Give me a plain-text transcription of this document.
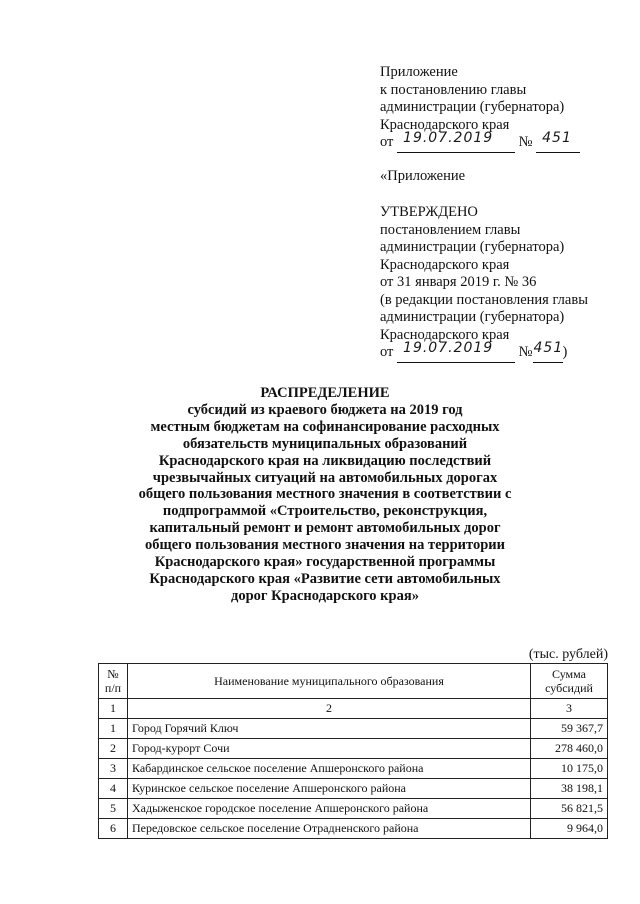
Приложение
к постановлению главы
администрации (губернатора)
Краснодарского края
от 19.07.2019 № 451
«Приложение
УТВЕРЖДЕНО
постановлением главы
администрации (губернатора)
Краснодарского края
от 31 января 2019 г. № 36
(в редакции постановления главы
администрации (губернатора)
Краснодарского края
от 19.07.2019 № 451 )
РАСПРЕДЕЛЕНИЕ
субсидий из краевого бюджета на 2019 год
местным бюджетам на софинансирование расходных
обязательств муниципальных образований
Краснодарского края на ликвидацию последствий
чрезвычайных ситуаций на автомобильных дорогах
общего пользования местного значения в соответствии с
подпрограммой «Строительство, реконструкция,
капитальный ремонт и ремонт автомобильных дорог
общего пользования местного значения на территории
Краснодарского края» государственной программы
Краснодарского края «Развитие сети автомобильных
дорог Краснодарского края»
(тыс. рублей)
№ п/п	Наименование муниципального образования	Сумма субсидий
1	2	3
1	Город Горячий Ключ	59 367,7
2	Город-курорт Сочи	278 460,0
3	Кабардинское сельское поселение Апшеронского района	10 175,0
4	Куринское сельское поселение Апшеронского района	38 198,1
5	Хадыженское городское поселение Апшеронского района	56 821,5
6	Передовское сельское поселение Отрадненского района	9 964,0
